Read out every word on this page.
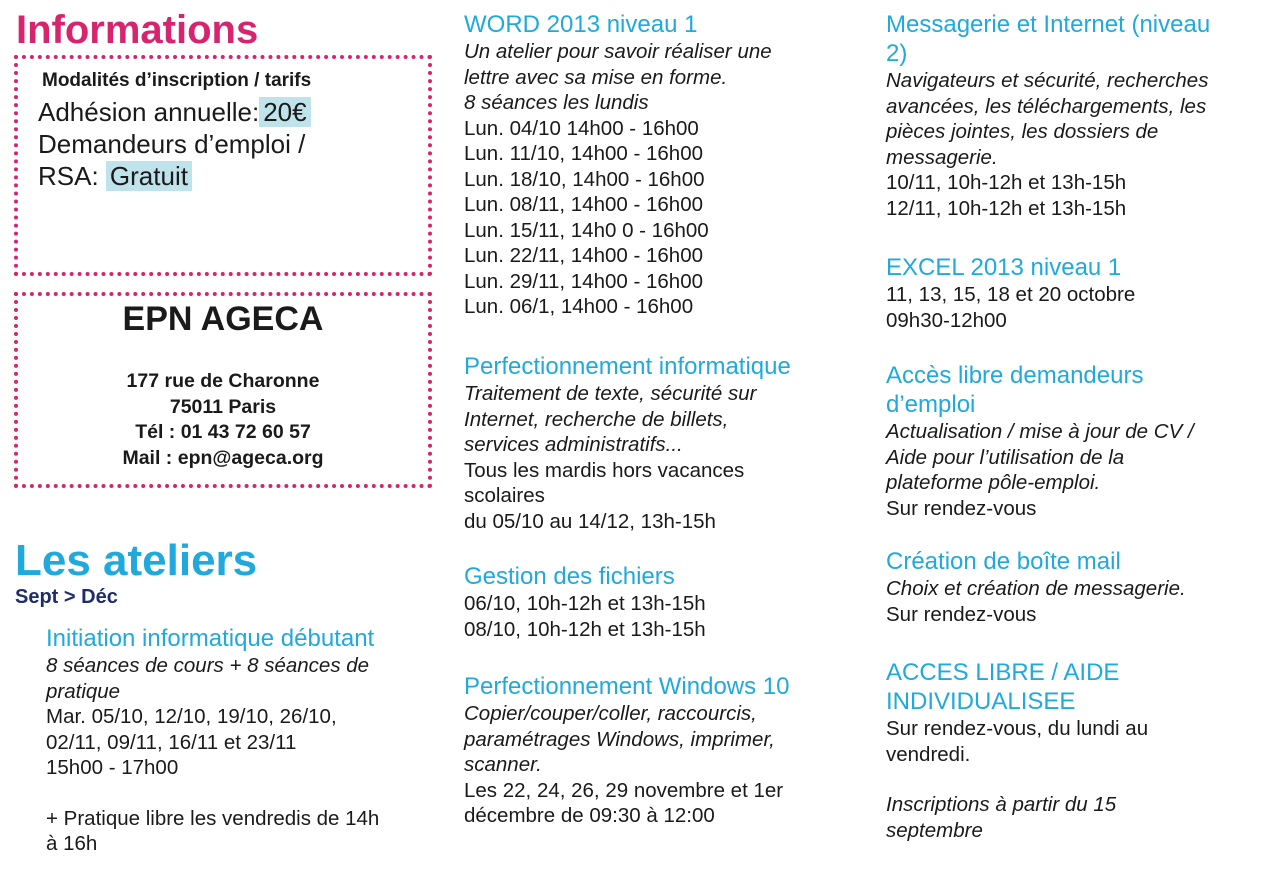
Informations
Modalités d’inscription / tarifs
Adhésion annuelle: 20€
Demandeurs d’emploi /
RSA: Gratuit
EPN AGECA
177 rue de Charonne
75011 Paris
Tél : 01 43 72 60 57
Mail : epn@ageca.org
Les ateliers
Sept > Déc
Initiation informatique débutant
8 séances de cours + 8 séances de
pratique
Mar. 05/10, 12/10, 19/10, 26/10,
02/11, 09/11, 16/11 et 23/11
15h00 - 17h00
+ Pratique libre les vendredis de 14h
à 16h
WORD 2013 niveau 1
Un atelier pour savoir réaliser une
lettre avec sa mise en forme.
8 séances les lundis
Lun. 04/10 14h00 - 16h00
Lun. 11/10, 14h00 - 16h00
Lun. 18/10, 14h00 - 16h00
Lun. 08/11, 14h00 - 16h00
Lun. 15/11, 14h0 0 - 16h00
Lun. 22/11, 14h00 - 16h00
Lun. 29/11, 14h00 - 16h00
Lun. 06/1, 14h00 - 16h00
Perfectionnement informatique
Traitement de texte, sécurité sur
Internet, recherche de billets,
services administratifs...
Tous les mardis hors vacances
scolaires
du 05/10 au 14/12, 13h-15h
Gestion des fichiers
06/10, 10h-12h et 13h-15h
08/10, 10h-12h et 13h-15h
Perfectionnement Windows 10
Copier/couper/coller, raccourcis,
paramétrages Windows, imprimer,
scanner.
Les 22, 24, 26, 29 novembre et 1er
décembre de 09:30 à 12:00
Messagerie et Internet (niveau
2)
Navigateurs et sécurité, recherches
avancées, les téléchargements, les
pièces jointes, les dossiers de
messagerie.
10/11, 10h-12h et 13h-15h
12/11, 10h-12h et 13h-15h
EXCEL 2013 niveau 1
11, 13, 15, 18 et 20 octobre
09h30-12h00
Accès libre demandeurs
d’emploi
Actualisation / mise à jour de CV /
Aide pour l’utilisation de la
plateforme pôle-emploi.
Sur rendez-vous
Création de boîte mail
Choix et création de messagerie.
Sur rendez-vous
ACCES LIBRE / AIDE
INDIVIDUALISEE
Sur rendez-vous, du lundi au
vendredi.
Inscriptions à partir du 15
septembre
